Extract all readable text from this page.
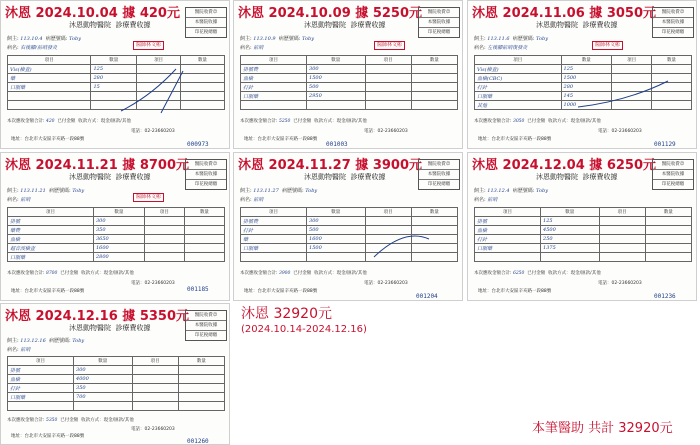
沐恩 2024.10.04 據 420元
沐恩動物醫院 診療費收據
醫院收費章
本醫院收據
印花稅總繳
飼主: 113.10.4 病歷號碼: Toby
病名: 右後腳/前哨發炎	醫師林文彬
項目	數量	項目	數量
Vis(檢查)	125		
藥	280		
口服藥	15		

本次應收金額合計: 420 已付金額 收款方式：現金/匯款/其他
電話：02-23660203
地址：台北市大安區辛亥路一段88號
000973
沐恩 2024.10.09 據 5250元
沐恩動物醫院 診療費收據
醫院收費章
本醫院收據
印花稅總繳
飼主: 113.10.9 病歷號碼: Toby
病名: 前哨	醫師林文彬
項目	數量	項目	數量
掛號費	300		
血檢	1500		
打針	500		
口服藥	2950		

本次應收金額合計: 5250 已付金額 收款方式：現金/匯款/其他
電話：02-23660203
地址：台北市大安區辛亥路一段88號
001003
沐恩 2024.11.06 據 3050元
沐恩動物醫院 診療費收據
醫院收費章
本醫院收據
印花稅總繳
飼主: 113.11.6 病歷號碼: Toby
病名: 左後腳前哨復發炎	醫師林文彬
項目	數量	項目	數量
Vis(檢查)	125		
血檢(CBC)	1500		
打針	280		
口服藥	145		
其他	1000		
本次應收金額合計: 3050 已付金額 收款方式：現金/匯款/其他
電話：02-23660203
地址：台北市大安區辛亥路一段88號
001129
沐恩 2024.11.21 據 8700元
沐恩動物醫院 診療費收據
醫院收費章
本醫院收據
印花稅總繳
飼主: 113.11.21 病歷號碼: Toby
病名: 前哨	醫師林文彬
項目	數量	項目	數量
掛號	300		
藥費	350		
血檢	3650		
超音波檢查	1600		
口服藥	2800		
本次應收金額合計: 8700 已付金額 收款方式：現金/匯款/其他
電話：02-23660203
地址：台北市大安區辛亥路一段88號	001185
沐恩 2024.11.27 據 3900元
沐恩動物醫院 診療費收據
醫院收費章
本醫院收據
印花稅總繳
飼主: 113.11.27 病歷號碼: Toby
病名: 前哨
項目	數量	項目	數量
掛號費	300		
打針	500		
藥	1600		
口服藥	1500		

本次應收金額合計: 3900 已付金額 收款方式：現金/匯款/其他
電話：02-23660203
地址：台北市大安區辛亥路一段88號
001204
沐恩 2024.12.04 據 6250元
沐恩動物醫院 診療費收據
醫院收費章
本醫院收據
印花稅總繳
飼主: 113.12.4 病歷號碼: Toby
病名: 前哨
項目	數量	項目	數量
掛號	125		
血檢	4500		
打針	250		
口服藥	1375		

本次應收金額合計: 6250 已付金額 收款方式：現金/匯款/其他
電話：02-23660203
地址：台北市大安區辛亥路一段88號
001236
沐恩 2024.12.16 據 5350元
沐恩動物醫院 診療費收據
醫院收費章
本醫院收據
印花稅總繳
飼主: 113.12.16 病歷號碼: Toby
病名: 前哨
項目	數量	項目	數量
掛號	300		
血檢	4000		
打針	350		
口服藥	700		

本次應收金額合計: 5350 已付金額 收款方式：現金/匯款/其他
電話：02-23660203
地址：台北市大安區辛亥路一段88號
001260
沐恩 32920元
(2024.10.14-2024.12.16)
本筆醫助 共計 32920元
